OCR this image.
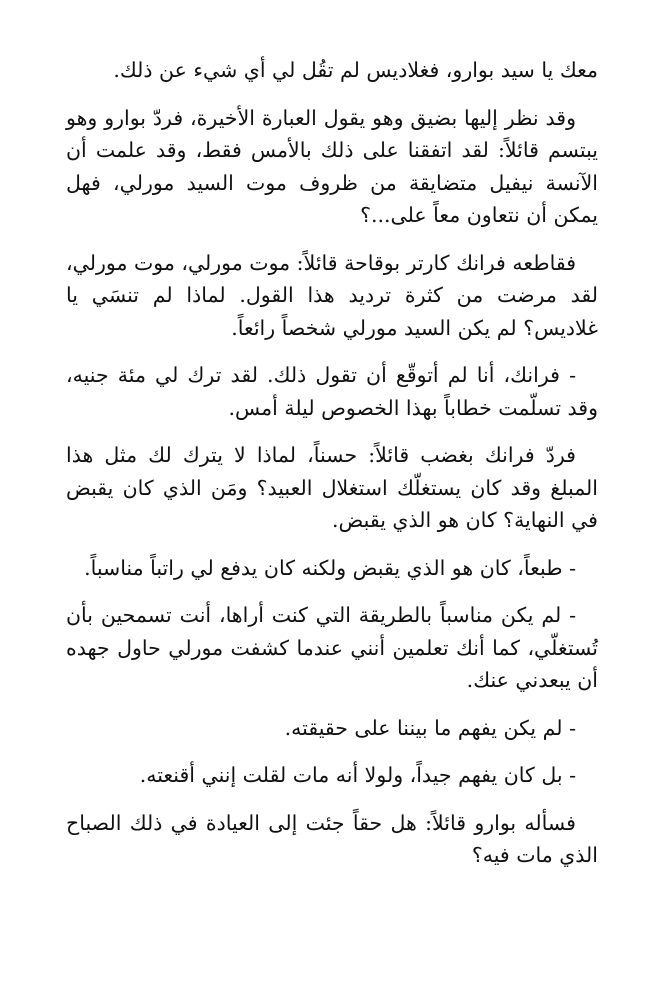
معك يا سيد بوارو، فغلاديس لم تقُل لي أي شيء عن ذلك.

وقد نظر إليها بضيق وهو يقول العبارة الأخيرة، فردّ بوارو وهو يبتسم قائلاً: لقد اتفقنا على ذلك بالأمس فقط، وقد علمت أن الآنسة نيفيل متضايقة من ظروف موت السيد مورلي، فهل يمكن أن نتعاون معاً على...؟

فقاطعه فرانك كارتر بوقاحة قائلاً: موت مورلي، موت مورلي، لقد مرضت من كثرة ترديد هذا القول. لماذا لم تنسَي يا غلاديس؟ لم يكن السيد مورلي شخصاً رائعاً.

- فرانك، أنا لم أتوقّع أن تقول ذلك. لقد ترك لي مئة جنيه، وقد تسلّمت خطاباً بهذا الخصوص ليلة أمس.

فردّ فرانك بغضب قائلاً: حسناً، لماذا لا يترك لك مثل هذا المبلغ وقد كان يستغلّك استغلال العبيد؟ ومَن الذي كان يقبض في النهاية؟ كان هو الذي يقبض.

- طبعاً، كان هو الذي يقبض ولكنه كان يدفع لي راتباً مناسباً.

- لم يكن مناسباً بالطريقة التي كنت أراها، أنت تسمحين بأن تُستغلّي، كما أنك تعلمين أنني عندما كشفت مورلي حاول جهده أن يبعدني عنك.

- لم يكن يفهم ما بيننا على حقيقته.

- بل كان يفهم جيداً، ولولا أنه مات لقلت إنني أقنعته.

فسأله بوارو قائلاً: هل حقاً جئت إلى العيادة في ذلك الصباح الذي مات فيه؟
